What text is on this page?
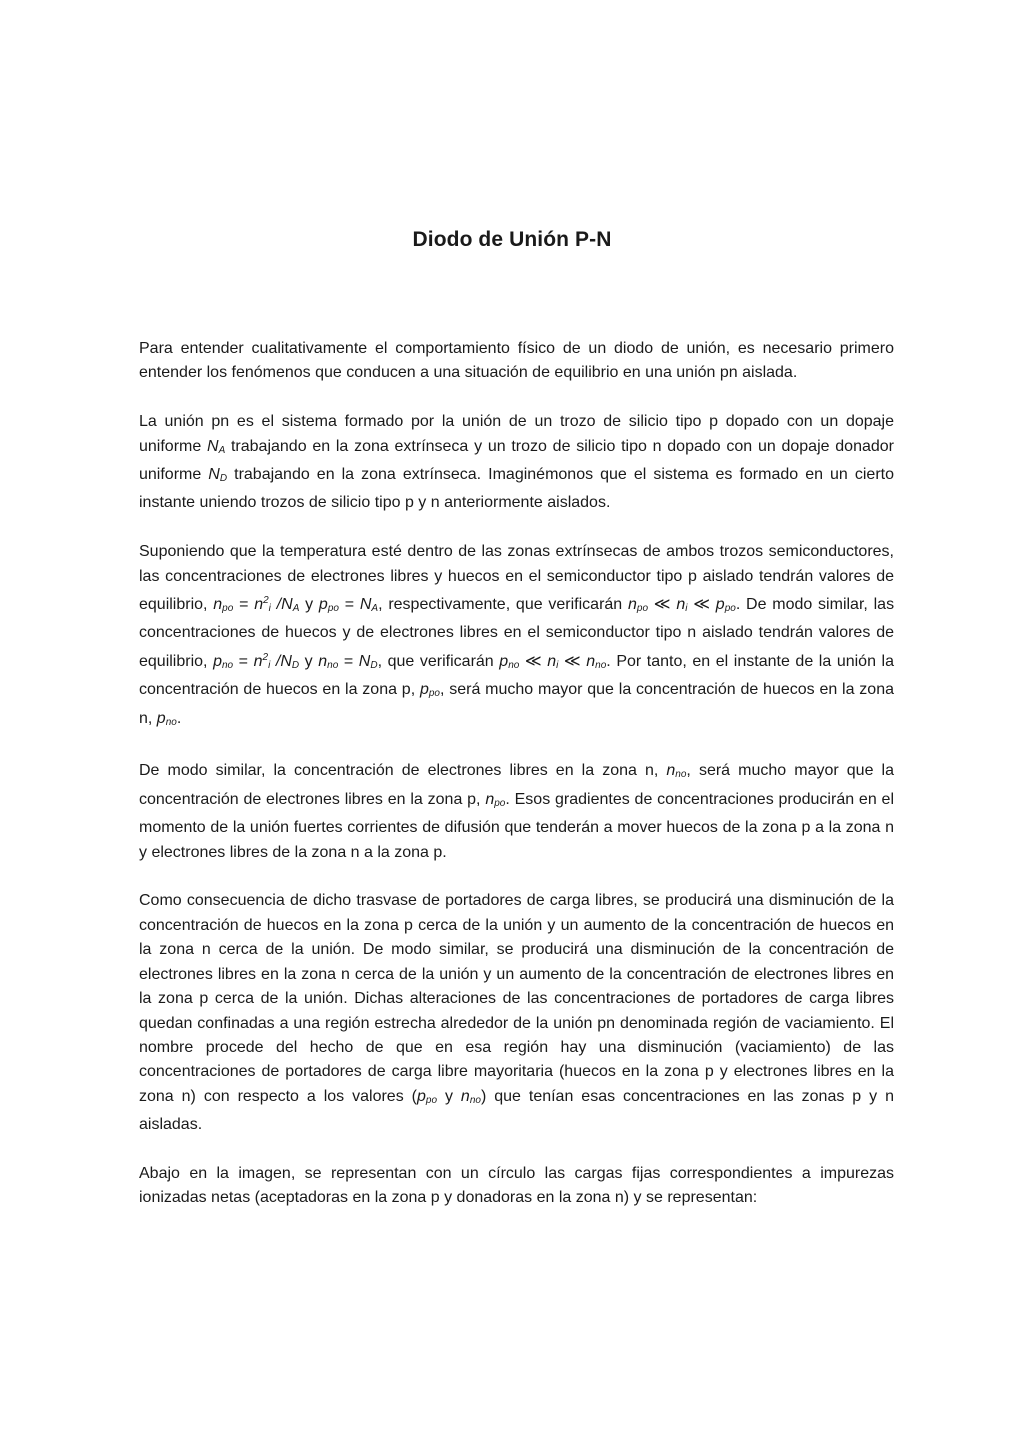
Diodo de Unión P-N

Para entender cualitativamente el comportamiento físico de un diodo de unión, es necesario primero entender los fenómenos que conducen a una situación de equilibrio en una unión pn aislada.

La unión pn es el sistema formado por la unión de un trozo de silicio tipo p dopado con un dopaje uniforme $N_A$ trabajando en la zona extrínseca y un trozo de silicio tipo n dopado con un dopaje donador uniforme $N_D$ trabajando en la zona extrínseca. Imaginémonos que el sistema es formado en un cierto instante uniendo trozos de silicio tipo p y n anteriormente aislados.

Suponiendo que la temperatura esté dentro de las zonas extrínsecas de ambos trozos semiconductores, las concentraciones de electrones libres y huecos en el semiconductor tipo p aislado tendrán valores de equilibrio, $n_{po} = n^2_i$ $/N_A$ y $p_{po} = N_A$, respectivamente, que verificarán $n_{po}$ ≪ $n_i$ ≪ $p_{po}$. De modo similar, las concentraciones de huecos y de electrones libres en el semiconductor tipo n aislado tendrán valores de equilibrio, $p_{no} = n^2_i$ $/N_D$ y $n_{no} = N_D$, que verificarán $p_{no}$ ≪ $n_i$ ≪ $n_{no}$. Por tanto, en el instante de la unión la concentración de huecos en la zona p, $p_{po}$, será mucho mayor que la concentración de huecos en la zona n, $p_{no}$.

De modo similar, la concentración de electrones libres en la zona n, $n_{no}$, será mucho mayor que la concentración de electrones libres en la zona p, $n_{po}$. Esos gradientes de concentraciones producirán en el momento de la unión fuertes corrientes de difusión que tenderán a mover huecos de la zona p a la zona n y electrones libres de la zona n a la zona p.

Como consecuencia de dicho trasvase de portadores de carga libres, se producirá una disminución de la concentración de huecos en la zona p cerca de la unión y un aumento de la concentración de huecos en la zona n cerca de la unión. De modo similar, se producirá una disminución de la concentración de electrones libres en la zona n cerca de la unión y un aumento de la concentración de electrones libres en la zona p cerca de la unión. Dichas alteraciones de las concentraciones de portadores de carga libres quedan confinadas a una región estrecha alrededor de la unión pn denominada región de vaciamiento. El nombre procede del hecho de que en esa región hay una disminución (vaciamiento) de las concentraciones de portadores de carga libre mayoritaria (huecos en la zona p y electrones libres en la zona n) con respecto a los valores ($p_{po}$ y $n_{no}$) que tenían esas concentraciones en las zonas p y n aisladas.

Abajo en la imagen, se representan con un círculo las cargas fijas correspondientes a impurezas ionizadas netas (aceptadoras en la zona p y donadoras en la zona n) y se representan:
